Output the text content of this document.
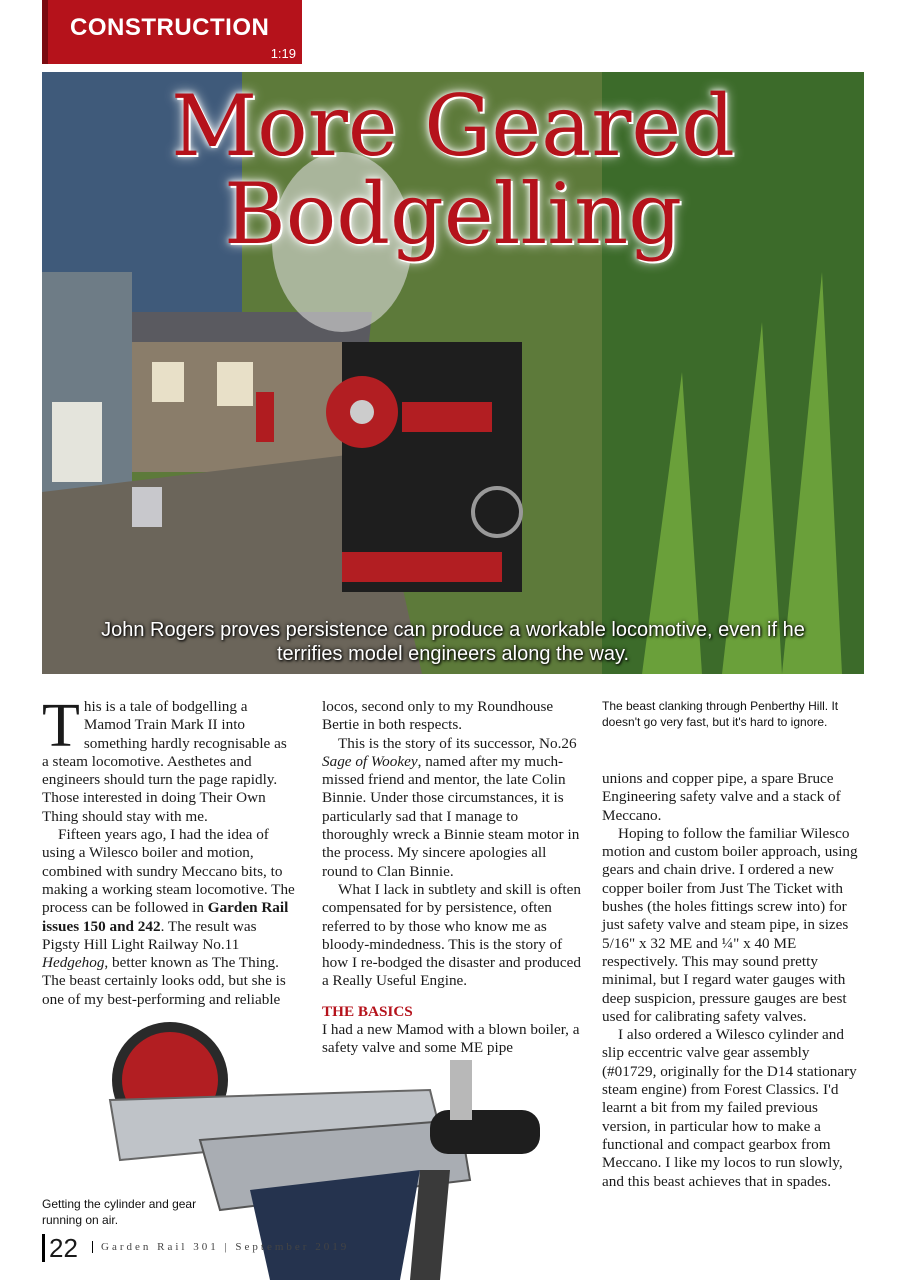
CONSTRUCTION
1:19
More Geared
Bodgelling
John Rogers proves persistence can produce a workable locomotive, even if he terrifies model engineers along the way.

This is a tale of bodgelling a Mamod Train Mark II into something hardly recognisable as a steam locomotive. Aesthetes and engineers should turn the page rapidly. Those interested in doing Their Own Thing should stay with me.

Fifteen years ago, I had the idea of using a Wilesco boiler and motion, combined with sundry Meccano bits, to making a working steam locomotive. The process can be followed in Garden Rail issues 150 and 242. The result was Pigsty Hill Light Railway No.11 Hedgehog, better known as The Thing. The beast certainly looks odd, but she is one of my best-performing and reliable

locos, second only to my Roundhouse Bertie in both respects.

This is the story of its successor, No.26 Sage of Wookey, named after my much-missed friend and mentor, the late Colin Binnie. Under those circumstances, it is particularly sad that I manage to thoroughly wreck a Binnie steam motor in the process. My sincere apologies all round to Clan Binnie.

What I lack in subtlety and skill is often compensated for by persistence, often referred to by those who know me as bloody-mindedness. This is the story of how I re-bodged the disaster and produced a Really Useful Engine.

THE BASICS

I had a new Mamod with a blown boiler, a safety valve and some ME pipe

The beast clanking through Penberthy Hill. It doesn't go very fast, but it's hard to ignore.

unions and copper pipe, a spare Bruce Engineering safety valve and a stack of Meccano.

Hoping to follow the familiar Wilesco motion and custom boiler approach, using gears and chain drive. I ordered a new copper boiler from Just The Ticket with bushes (the holes fittings screw into) for just safety valve and steam pipe, in sizes 5/16" x 32 ME and ¼" x 40 ME respectively. This may sound pretty minimal, but I regard water gauges with deep suspicion, pressure gauges are best used for calibrating safety valves.

I also ordered a Wilesco cylinder and slip eccentric valve gear assembly (#01729, originally for the D14 stationary steam engine) from Forest Classics. I'd learnt a bit from my failed previous version, in particular how to make a functional and compact gearbox from Meccano. I like my locos to run slowly, and this beast achieves that in spades.

Getting the cylinder and gear running on air.
22	Garden Rail 301 | September 2019
